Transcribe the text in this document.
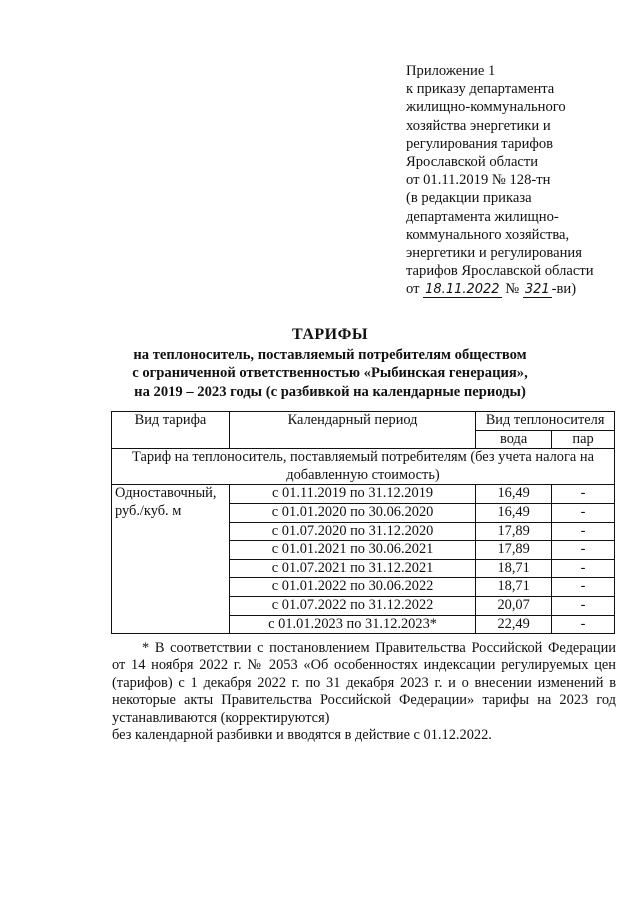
Приложение 1
к приказу департамента
жилищно-коммунального
хозяйства энергетики и
регулирования тарифов
Ярославской области
от 01.11.2019 № 128-тн
(в редакции приказа
департамента жилищно-
коммунального хозяйства,
энергетики и регулирования
тарифов Ярославской области
от 18.11.2022 № 321 -ви)
ТАРИФЫ
на теплоноситель, поставляемый потребителям обществом
с ограниченной ответственностью «Рыбинская генерация»,
на 2019 – 2023 годы (с разбивкой на календарные периоды)
Вид тарифа	Календарный период	Вид теплоносителя	
		вода	пар
Тариф на теплоноситель, поставляемый потребителям (без учета налога на добавленную стоимость)			
Одноставочный, руб./куб. м	с 01.11.2019 по 31.12.2019	16,49	-
	с 01.01.2020 по 30.06.2020	16,49	-
	с 01.07.2020 по 31.12.2020	17,89	-
	с 01.01.2021 по 30.06.2021	17,89	-
	с 01.07.2021 по 31.12.2021	18,71	-
	с 01.01.2022 по 30.06.2022	18,71	-
	с 01.07.2022 по 31.12.2022	20,07	-
	с 01.01.2023 по 31.12.2023*	22,49	-
* В соответствии с постановлением Правительства Российской Федерации от 14 ноября 2022 г. № 2053 «Об особенностях индексации регулируемых цен (тарифов) с 1 декабря 2022 г. по 31 декабря 2023 г. и о внесении изменений в некоторые акты Правительства Российской Федерации» тарифы на 2023 год устанавливаются (корректируются)
без календарной разбивки и вводятся в действие с 01.12.2022.
